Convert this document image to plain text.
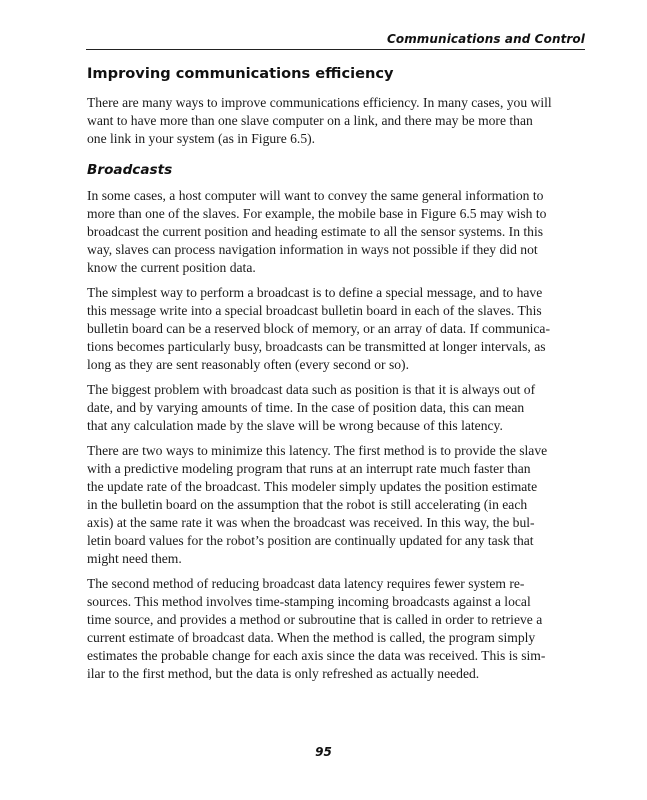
Communications and Control
Improving communications efficiency

There are many ways to improve communications efficiency. In many cases, you will
want to have more than one slave computer on a link, and there may be more than
one link in your system (as in Figure 6.5).

Broadcasts

In some cases, a host computer will want to convey the same general information to
more than one of the slaves. For example, the mobile base in Figure 6.5 may wish to
broadcast the current position and heading estimate to all the sensor systems. In this
way, slaves can process navigation information in ways not possible if they did not
know the current position data.

The simplest way to perform a broadcast is to define a special message, and to have
this message write into a special broadcast bulletin board in each of the slaves. This
bulletin board can be a reserved block of memory, or an array of data. If communica-
tions becomes particularly busy, broadcasts can be transmitted at longer intervals, as
long as they are sent reasonably often (every second or so).

The biggest problem with broadcast data such as position is that it is always out of
date, and by varying amounts of time. In the case of position data, this can mean
that any calculation made by the slave will be wrong because of this latency.

There are two ways to minimize this latency. The first method is to provide the slave
with a predictive modeling program that runs at an interrupt rate much faster than
the update rate of the broadcast. This modeler simply updates the position estimate
in the bulletin board on the assumption that the robot is still accelerating (in each
axis) at the same rate it was when the broadcast was received. In this way, the bul-
letin board values for the robot’s position are continually updated for any task that
might need them.

The second method of reducing broadcast data latency requires fewer system re-
sources. This method involves time-stamping incoming broadcasts against a local
time source, and provides a method or subroutine that is called in order to retrieve a
current estimate of broadcast data. When the method is called, the program simply
estimates the probable change for each axis since the data was received. This is sim-
ilar to the first method, but the data is only refreshed as actually needed.

95
